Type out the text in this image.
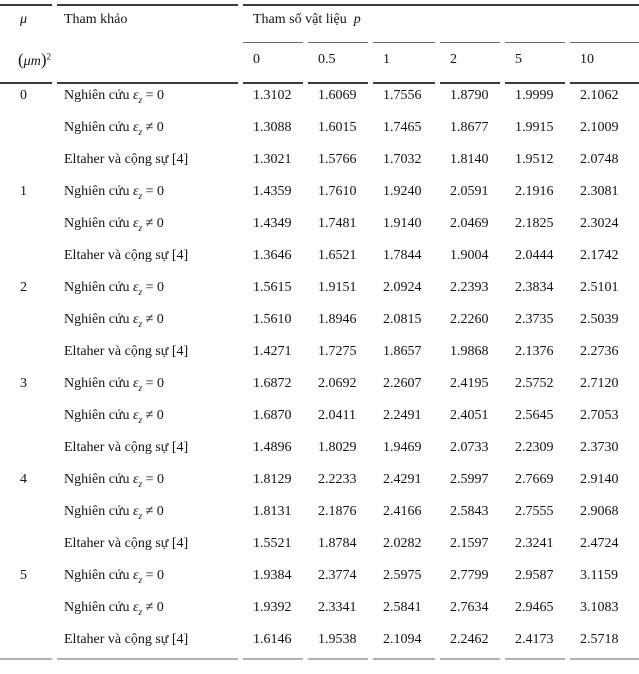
μ	Tham khảo	Tham số vật liệu p					
$(\mu m)^2$		0	0.5	1	2	5	10
0	Nghiên cứu $\varepsilon_z = 0$	1.3102	1.6069	1.7556	1.8790	1.9999	2.1062
	Nghiên cứu $\varepsilon_z \ne 0$	1.3088	1.6015	1.7465	1.8677	1.9915	2.1009
	Eltaher và cộng sự [4]	1.3021	1.5766	1.7032	1.8140	1.9512	2.0748
1	Nghiên cứu $\varepsilon_z = 0$	1.4359	1.7610	1.9240	2.0591	2.1916	2.3081
	Nghiên cứu $\varepsilon_z \ne 0$	1.4349	1.7481	1.9140	2.0469	2.1825	2.3024
	Eltaher và cộng sự [4]	1.3646	1.6521	1.7844	1.9004	2.0444	2.1742
2	Nghiên cứu $\varepsilon_z = 0$	1.5615	1.9151	2.0924	2.2393	2.3834	2.5101
	Nghiên cứu $\varepsilon_z \ne 0$	1.5610	1.8946	2.0815	2.2260	2.3735	2.5039
	Eltaher và cộng sự [4]	1.4271	1.7275	1.8657	1.9868	2.1376	2.2736
3	Nghiên cứu $\varepsilon_z = 0$	1.6872	2.0692	2.2607	2.4195	2.5752	2.7120
	Nghiên cứu $\varepsilon_z \ne 0$	1.6870	2.0411	2.2491	2.4051	2.5645	2.7053
	Eltaher và cộng sự [4]	1.4896	1.8029	1.9469	2.0733	2.2309	2.3730
4	Nghiên cứu $\varepsilon_z = 0$	1.8129	2.2233	2.4291	2.5997	2.7669	2.9140
	Nghiên cứu $\varepsilon_z \ne 0$	1.8131	2.1876	2.4166	2.5843	2.7555	2.9068
	Eltaher và cộng sự [4]	1.5521	1.8784	2.0282	2.1597	2.3241	2.4724
5	Nghiên cứu $\varepsilon_z = 0$	1.9384	2.3774	2.5975	2.7799	2.9587	3.1159
	Nghiên cứu $\varepsilon_z \ne 0$	1.9392	2.3341	2.5841	2.7634	2.9465	3.1083
	Eltaher và cộng sự [4]	1.6146	1.9538	2.1094	2.2462	2.4173	2.5718
